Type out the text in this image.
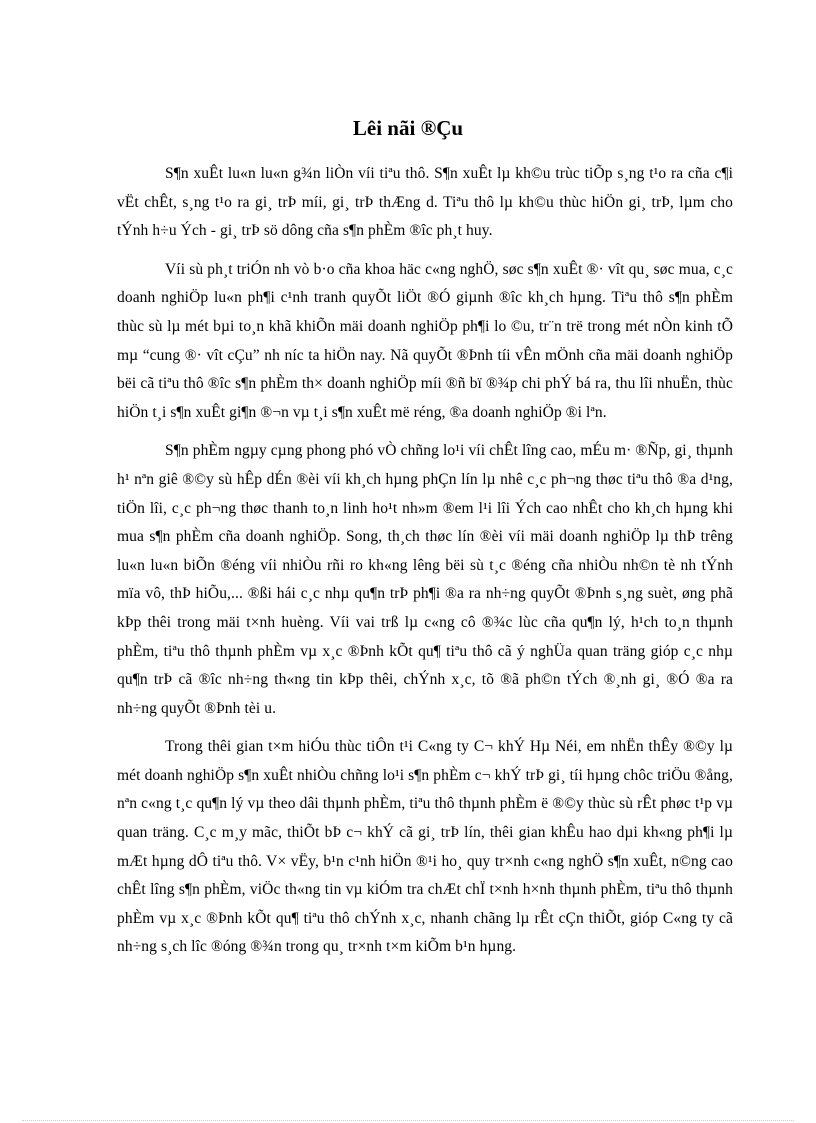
Lêi nãi ®Çu

S¶n xuÊt lu«n lu«n g¾n liÒn víi tiªu thô. S¶n xuÊt lµ kh©u trùc tiÕp s¸ng t¹o ra cña c¶i vËt chÊt, s¸ng t¹o ra gi¸ trÞ míi, gi¸ trÞ thÆng d. Tiªu thô lµ kh©u thùc hiÖn gi¸ trÞ, lµm cho tÝnh h÷u Ých - gi¸ trÞ sö dông cña s¶n phÈm ®îc ph¸t huy.

Víi sù ph¸t triÓn nh vò b·o cña khoa häc c«ng nghÖ, søc s¶n xuÊt ®· vît qu¸ søc mua, c¸c doanh nghiÖp lu«n ph¶i c¹nh tranh quyÕt liÖt ®Ó giµnh ®îc kh¸ch hµng. Tiªu thô s¶n phÈm thùc sù lµ mét bµi to¸n khã khiÕn mäi doanh nghiÖp ph¶i lo ©u, tr¨n trë trong mét nÒn kinh tÕ mµ “cung ®· vît cÇu” nh níc ta hiÖn nay. Nã quyÕt ®Þnh tíi vÊn mÖnh cña mäi doanh nghiÖp bëi cã tiªu thô ®îc s¶n phÈm th× doanh nghiÖp míi ®ñ bï ®¾p chi phÝ bá ra, thu lîi nhuËn, thùc hiÖn t¸i s¶n xuÊt gi¶n ®¬n vµ t¸i s¶n xuÊt më réng, ®a doanh nghiÖp ®i lªn.

S¶n phÈm ngµy cµng phong phó vÒ chñng lo¹i víi chÊt lîng cao, mÉu m· ®Ñp, gi¸ thµnh h¹ nªn giê ®©y sù hÊp dÉn ®èi víi kh¸ch hµng phÇn lín lµ nhê c¸c ph¬ng thøc tiªu thô ®a d¹ng, tiÖn lîi, c¸c ph¬ng thøc thanh to¸n linh ho¹t nh»m ®em l¹i lîi Ých cao nhÊt cho kh¸ch hµng khi mua s¶n phÈm cña doanh nghiÖp. Song, th¸ch thøc lín ®èi víi mäi doanh nghiÖp lµ thÞ trêng lu«n lu«n biÕn ®éng víi nhiÒu rñi ro kh«ng lêng bëi sù t¸c ®éng cña nhiÒu nh©n tè nh tÝnh mïa vô, thÞ hiÕu,... ®ßi hái c¸c nhµ qu¶n trÞ ph¶i ®a ra nh÷ng quyÕt ®Þnh s¸ng suèt, øng phã kÞp thêi trong mäi t×nh huèng. Víi vai trß lµ c«ng cô ®¾c lùc cña qu¶n lý, h¹ch to¸n thµnh phÈm, tiªu thô thµnh phÈm vµ x¸c ®Þnh kÕt qu¶ tiªu thô cã ý nghÜa quan träng gióp c¸c nhµ qu¶n trÞ cã ®îc nh÷ng th«ng tin kÞp thêi, chÝnh x¸c, tõ ®ã ph©n tÝch ®¸nh gi¸ ®Ó ®a ra nh÷ng quyÕt ®Þnh tèi u.

Trong thêi gian t×m hiÓu thùc tiÔn t¹i C«ng ty C¬ khÝ Hµ Néi, em nhËn thÊy ®©y lµ mét doanh nghiÖp s¶n xuÊt nhiÒu chñng lo¹i s¶n phÈm c¬ khÝ trÞ gi¸ tíi hµng chôc triÖu ®ång, nªn c«ng t¸c qu¶n lý vµ theo dâi thµnh phÈm, tiªu thô thµnh phÈm ë ®©y thùc sù rÊt phøc t¹p vµ quan träng. C¸c m¸y mãc, thiÕt bÞ c¬ khÝ cã gi¸ trÞ lín, thêi gian khÊu hao dµi kh«ng ph¶i lµ mÆt hµng dÔ tiªu thô. V× vËy, b¹n c¹nh hiÖn ®¹i ho¸ quy tr×nh c«ng nghÖ s¶n xuÊt, n©ng cao chÊt lîng s¶n phÈm, viÖc th«ng tin vµ kiÓm tra chÆt chÏ t×nh h×nh thµnh phÈm, tiªu thô thµnh phÈm vµ x¸c ®Þnh kÕt qu¶ tiªu thô chÝnh x¸c, nhanh chãng lµ rÊt cÇn thiÕt, gióp C«ng ty cã nh÷ng s¸ch lîc ®óng ®¾n trong qu¸ tr×nh t×m kiÕm b¹n hµng.
